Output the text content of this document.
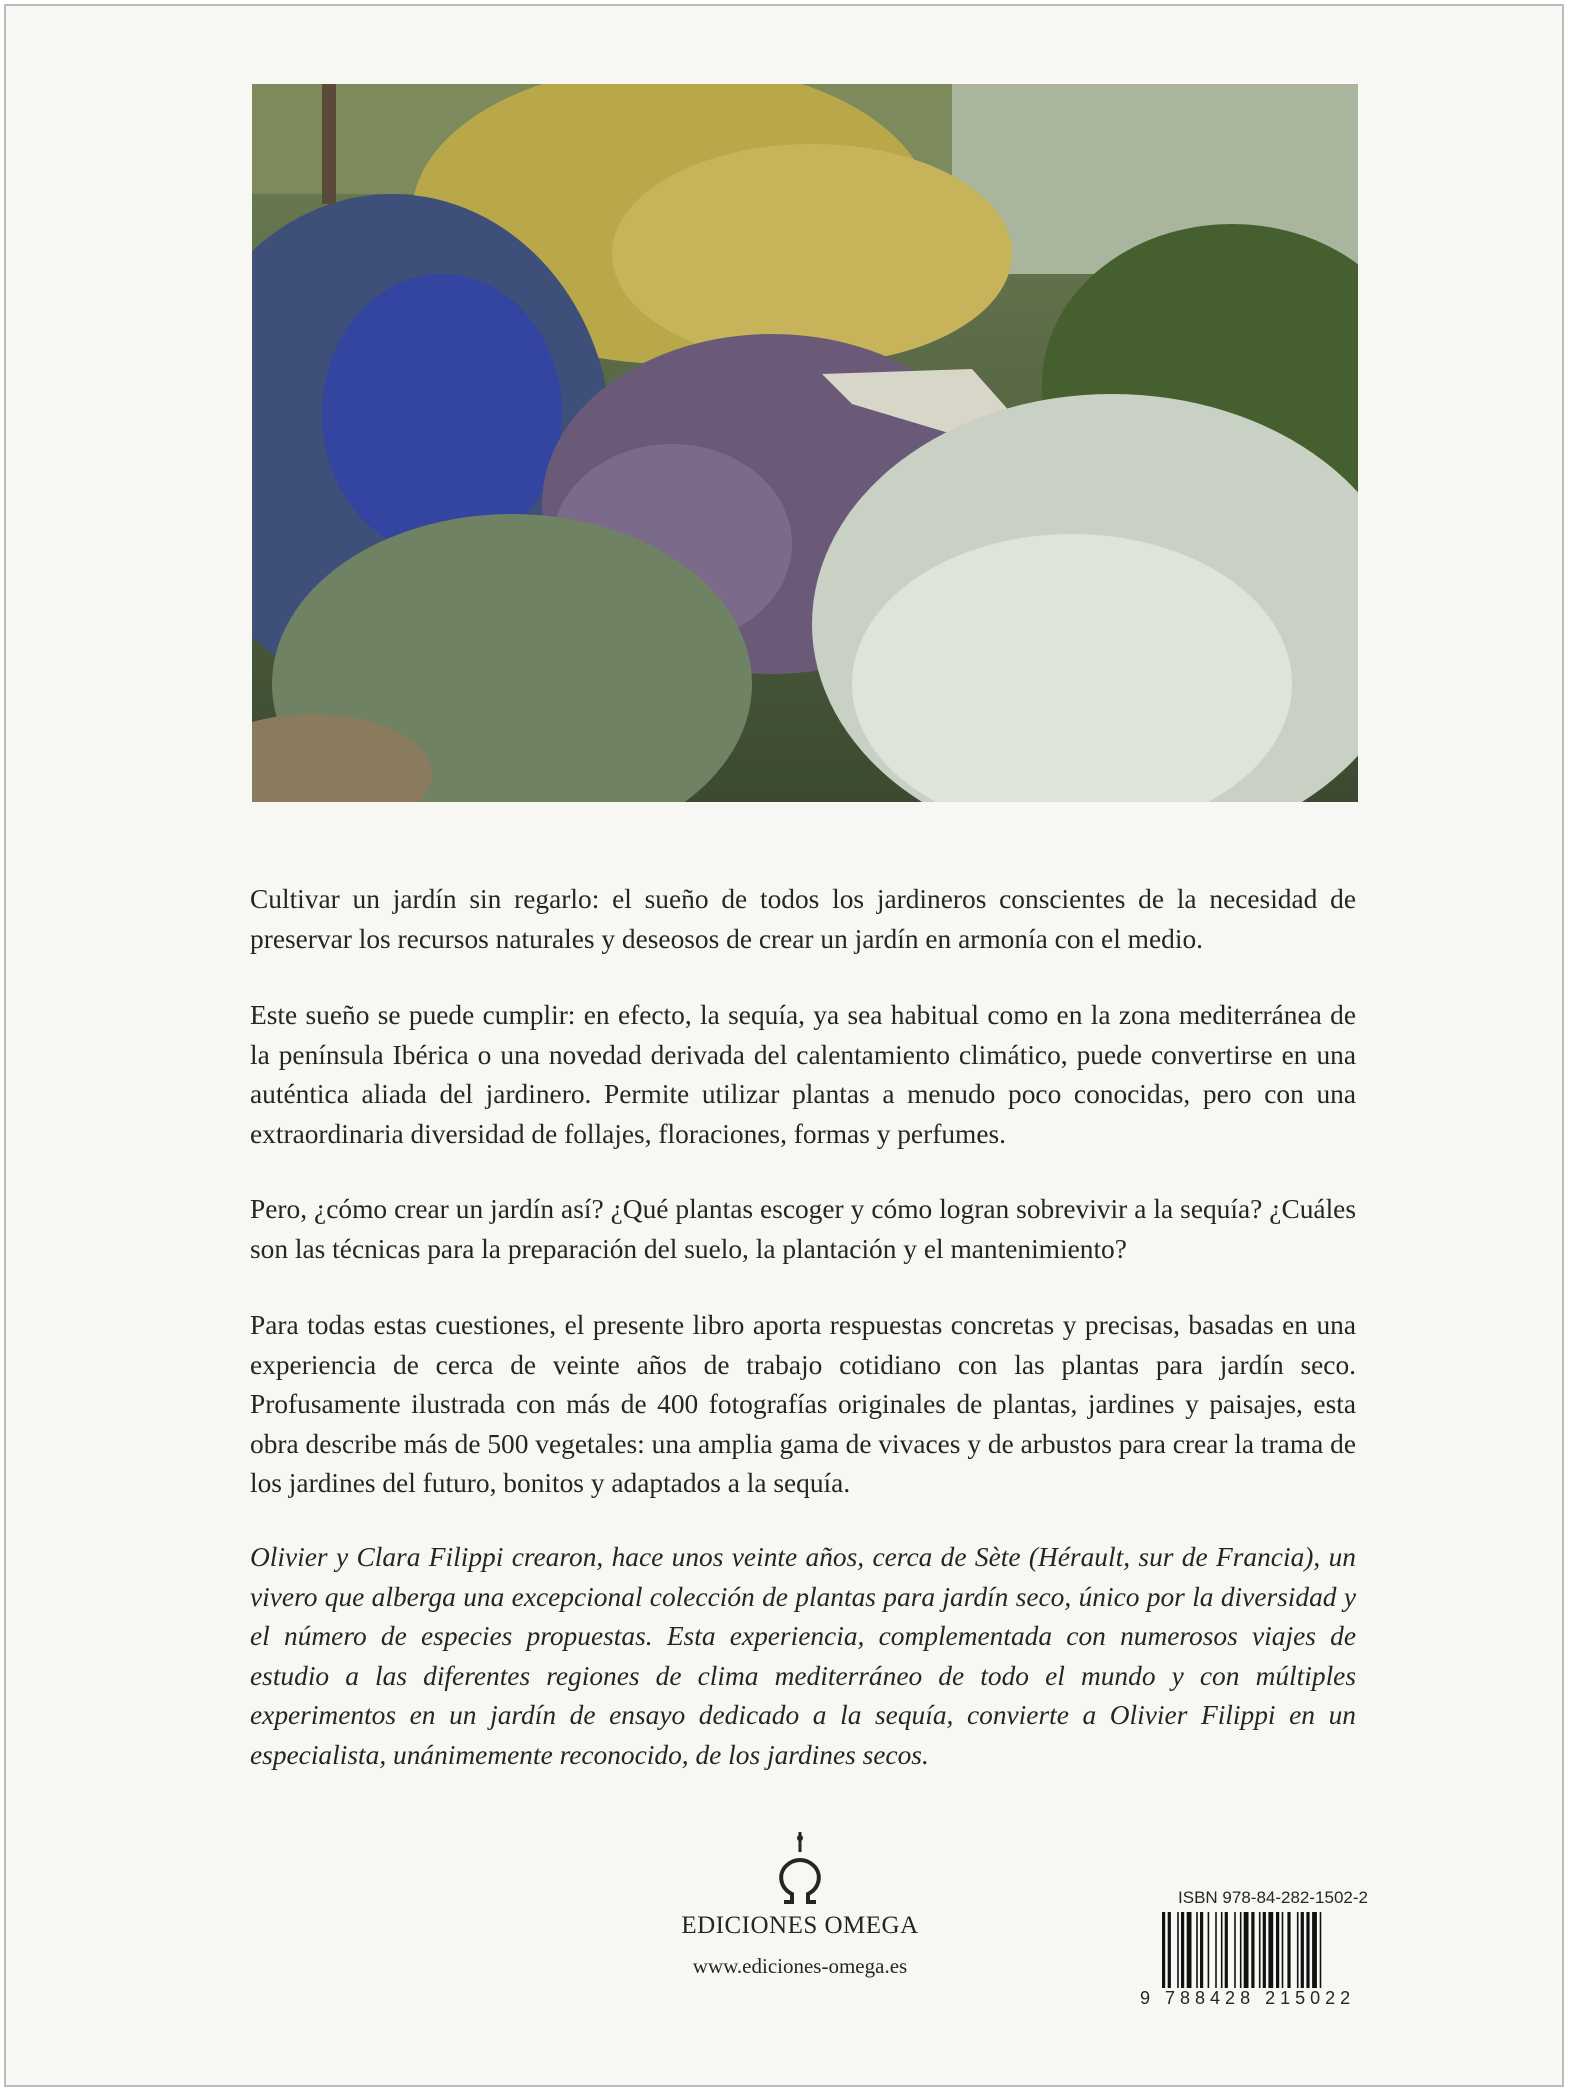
Cultivar un jardín sin regarlo: el sueño de todos los jardineros conscientes de la necesidad de preservar los recursos naturales y deseosos de crear un jardín en armonía con el medio.

Este sueño se puede cumplir: en efecto, la sequía, ya sea habitual como en la zona mediterránea de la península Ibérica o una novedad derivada del calentamiento climático, puede convertirse en una auténtica aliada del jardinero. Permite utilizar plantas a menudo poco conocidas, pero con una extraordinaria diversidad de follajes, floraciones, formas y perfumes.

Pero, ¿cómo crear un jardín así? ¿Qué plantas escoger y cómo logran sobrevivir a la sequía? ¿Cuáles son las técnicas para la preparación del suelo, la plantación y el mantenimiento?

Para todas estas cuestiones, el presente libro aporta respuestas concretas y precisas, basadas en una experiencia de cerca de veinte años de trabajo cotidiano con las plantas para jardín seco. Profusamente ilustrada con más de 400 fotografías originales de plantas, jardines y paisajes, esta obra describe más de 500 vegetales: una amplia gama de vivaces y de arbustos para crear la trama de los jardines del futuro, bonitos y adaptados a la sequía.

Olivier y Clara Filippi crearon, hace unos veinte años, cerca de Sète (Hérault, sur de Francia), un vivero que alberga una excepcional colección de plantas para jardín seco, único por la diversidad y el número de especies propuestas. Esta experiencia, complementada con numerosos viajes de estudio a las diferentes regiones de clima mediterráneo de todo el mundo y con múltiples experimentos en un jardín de ensayo dedicado a la sequía, convierte a Olivier Filippi en un especialista, unánimemente reconocido, de los jardines secos.

EDICIONES OMEGA
www.ediciones-omega.es
ISBN 978-84-282-1502-2
9 788428 215022
